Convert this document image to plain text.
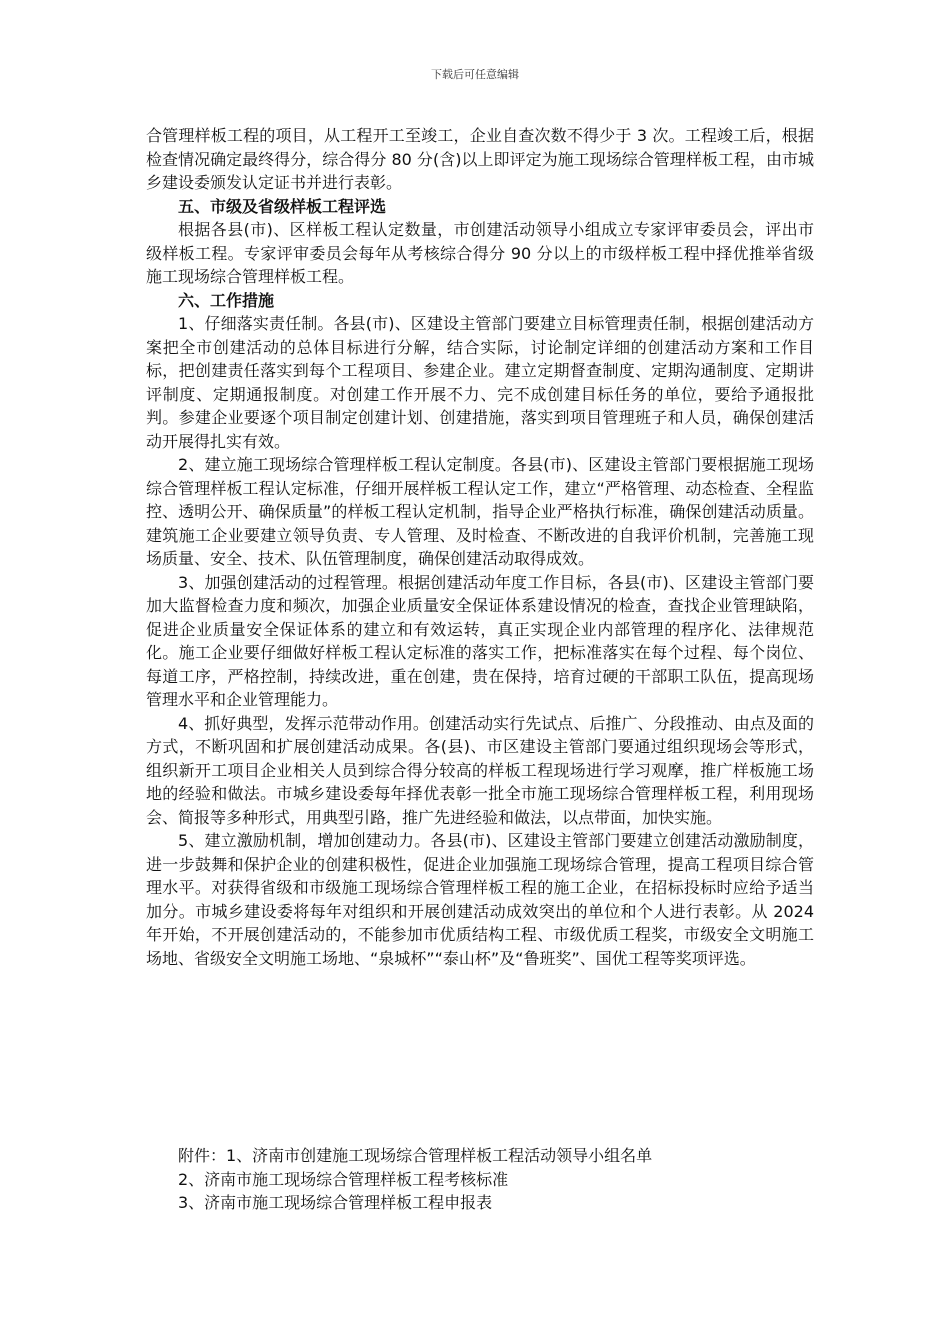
下载后可任意编辑

合管理样板工程的项目，从工程开工至竣工，企业自查次数不得少于 3 次。工程竣工后，根据检查情况确定最终得分，综合得分 80 分(含)以上即评定为施工现场综合管理样板工程，由市城乡建设委颁发认定证书并进行表彰。

五、市级及省级样板工程评选

根据各县(市)、区样板工程认定数量，市创建活动领导小组成立专家评审委员会，评出市级样板工程。专家评审委员会每年从考核综合得分 90 分以上的市级样板工程中择优推举省级施工现场综合管理样板工程。

六、工作措施

1、仔细落实责任制。各县(市)、区建设主管部门要建立目标管理责任制，根据创建活动方案把全市创建活动的总体目标进行分解，结合实际，讨论制定详细的创建活动方案和工作目标，把创建责任落实到每个工程项目、参建企业。建立定期督查制度、定期沟通制度、定期讲评制度、定期通报制度。对创建工作开展不力、完不成创建目标任务的单位，要给予通报批判。参建企业要逐个项目制定创建计划、创建措施，落实到项目管理班子和人员，确保创建活动开展得扎实有效。

2、建立施工现场综合管理样板工程认定制度。各县(市)、区建设主管部门要根据施工现场综合管理样板工程认定标准，仔细开展样板工程认定工作，建立“严格管理、动态检查、全程监控、透明公开、确保质量”的样板工程认定机制，指导企业严格执行标准，确保创建活动质量。建筑施工企业要建立领导负责、专人管理、及时检查、不断改进的自我评价机制，完善施工现场质量、安全、技术、队伍管理制度，确保创建活动取得成效。

3、加强创建活动的过程管理。根据创建活动年度工作目标，各县(市)、区建设主管部门要加大监督检查力度和频次，加强企业质量安全保证体系建设情况的检查，查找企业管理缺陷，促进企业质量安全保证体系的建立和有效运转，真正实现企业内部管理的程序化、法律规范化。施工企业要仔细做好样板工程认定标准的落实工作，把标准落实在每个过程、每个岗位、每道工序，严格控制，持续改进，重在创建，贵在保持，培育过硬的干部职工队伍，提高现场管理水平和企业管理能力。

4、抓好典型，发挥示范带动作用。创建活动实行先试点、后推广、分段推动、由点及面的方式，不断巩固和扩展创建活动成果。各(县)、市区建设主管部门要通过组织现场会等形式，组织新开工项目企业相关人员到综合得分较高的样板工程现场进行学习观摩，推广样板施工场地的经验和做法。市城乡建设委每年择优表彰一批全市施工现场综合管理样板工程，利用现场会、简报等多种形式，用典型引路，推广先进经验和做法，以点带面，加快实施。

5、建立激励机制，增加创建动力。各县(市)、区建设主管部门要建立创建活动激励制度，进一步鼓舞和保护企业的创建积极性，促进企业加强施工现场综合管理，提高工程项目综合管理水平。对获得省级和市级施工现场综合管理样板工程的施工企业，在招标投标时应给予适当加分。市城乡建设委将每年对组织和开展创建活动成效突出的单位和个人进行表彰。从 2024 年开始，不开展创建活动的，不能参加市优质结构工程、市级优质工程奖，市级安全文明施工场地、省级安全文明施工场地、“泉城杯”“泰山杯”及“鲁班奖”、国优工程等奖项评选。

附件：1、济南市创建施工现场综合管理样板工程活动领导小组名单

2、济南市施工现场综合管理样板工程考核标准

3、济南市施工现场综合管理样板工程申报表
